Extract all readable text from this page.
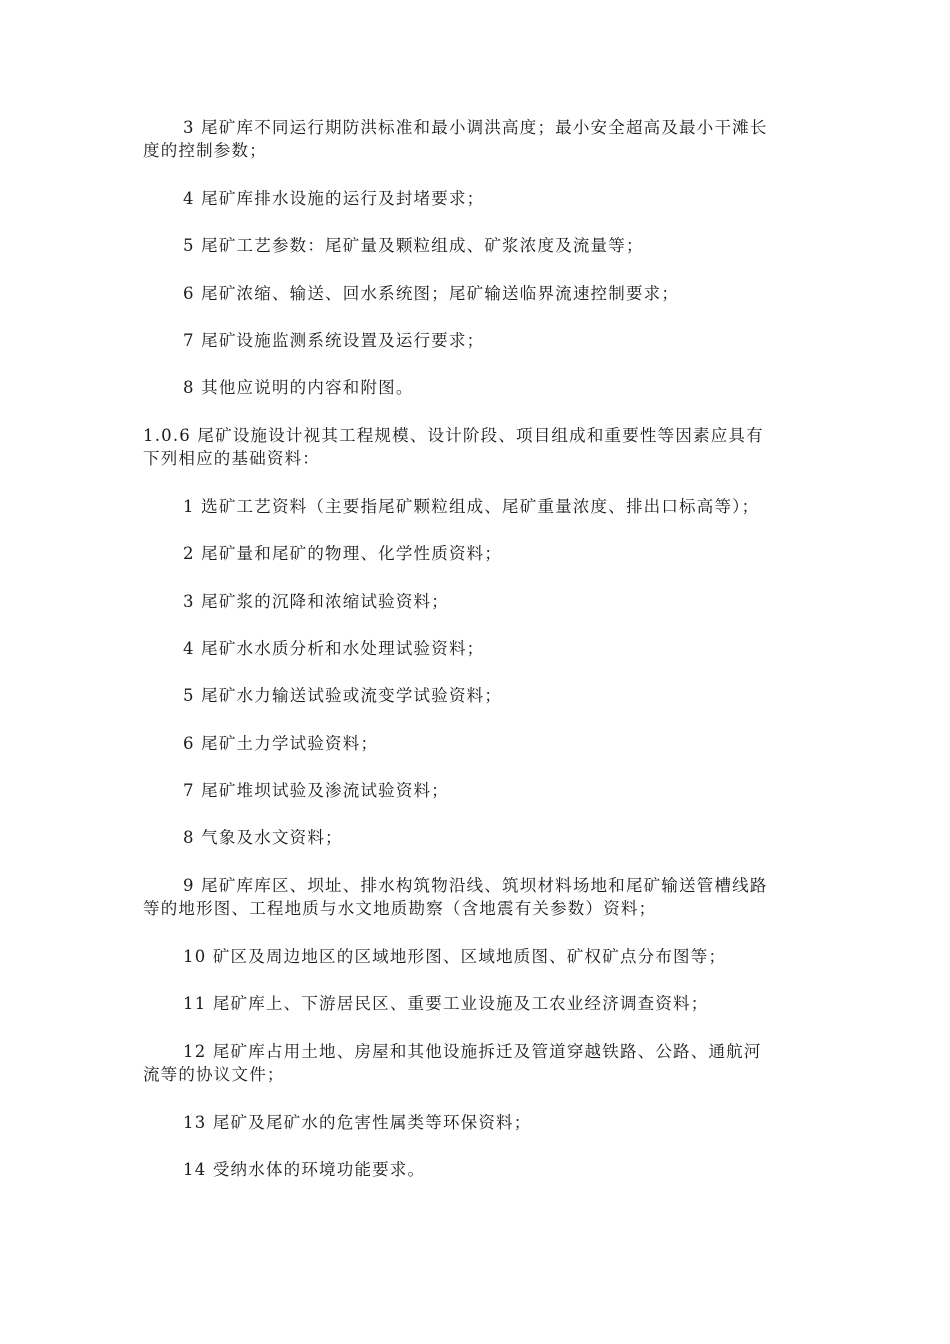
3 尾矿库不同运行期防洪标准和最小调洪高度；最小安全超高及最小干滩长
度的控制参数；
4 尾矿库排水设施的运行及封堵要求；
5 尾矿工艺参数：尾矿量及颗粒组成、矿浆浓度及流量等；
6 尾矿浓缩、输送、回水系统图；尾矿输送临界流速控制要求；
7 尾矿设施监测系统设置及运行要求；
8 其他应说明的内容和附图。
1.0.6 尾矿设施设计视其工程规模、设计阶段、项目组成和重要性等因素应具有
下列相应的基础资料：
1 选矿工艺资料（主要指尾矿颗粒组成、尾矿重量浓度、排出口标高等）；
2 尾矿量和尾矿的物理、化学性质资料；
3 尾矿浆的沉降和浓缩试验资料；
4 尾矿水水质分析和水处理试验资料；
5 尾矿水力输送试验或流变学试验资料；
6 尾矿土力学试验资料；
7 尾矿堆坝试验及渗流试验资料；
8 气象及水文资料；
9 尾矿库库区、坝址、排水构筑物沿线、筑坝材料场地和尾矿输送管槽线路
等的地形图、工程地质与水文地质勘察（含地震有关参数）资料；
10 矿区及周边地区的区域地形图、区域地质图、矿权矿点分布图等；
11 尾矿库上、下游居民区、重要工业设施及工农业经济调查资料；
12 尾矿库占用土地、房屋和其他设施拆迁及管道穿越铁路、公路、通航河
流等的协议文件；
13 尾矿及尾矿水的危害性属类等环保资料；
14 受纳水体的环境功能要求。
